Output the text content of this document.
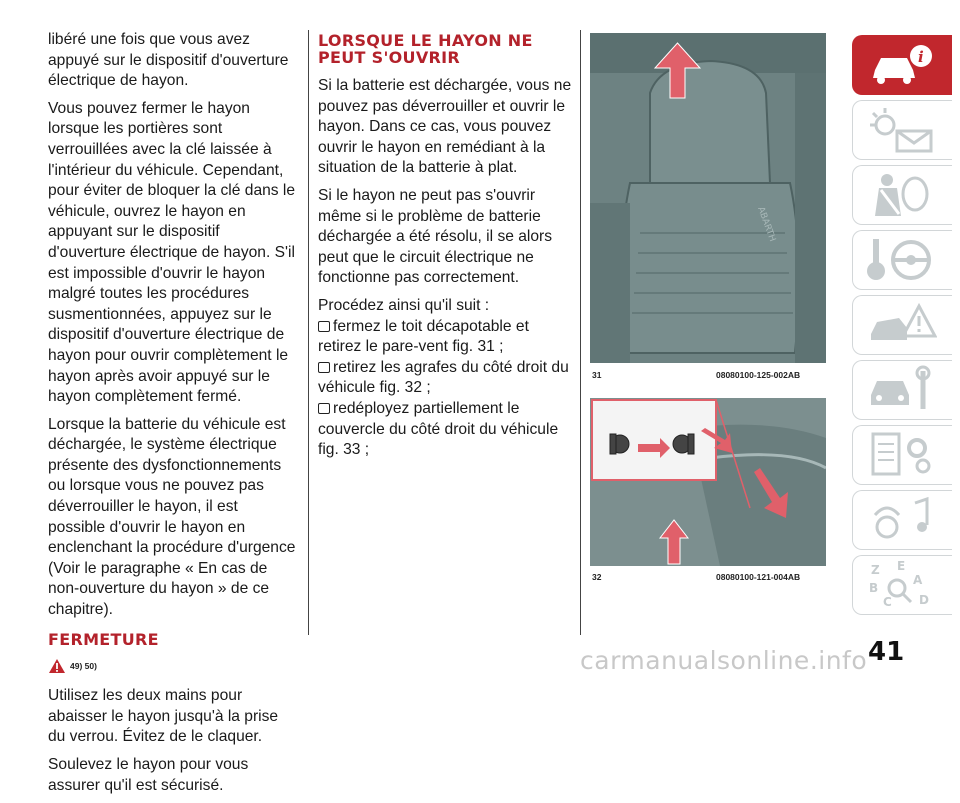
libéré une fois que vous avez appuyé sur le dispositif d'ouverture électrique de hayon.

Vous pouvez fermer le hayon lorsque les portières sont verrouillées avec la clé laissée à l'intérieur du véhicule. Cependant, pour éviter de bloquer la clé dans le véhicule, ouvrez le hayon en appuyant sur le dispositif d'ouverture électrique de hayon. S'il est impossible d'ouvrir le hayon malgré toutes les procédures susmentionnées, appuyez sur le dispositif d'ouverture électrique de hayon pour ouvrir complètement le hayon après avoir appuyé sur le hayon complètement fermé.

Lorsque la batterie du véhicule est déchargée, le système électrique présente des dysfonctionnements ou lorsque vous ne pouvez pas déverrouiller le hayon, il est possible d'ouvrir le hayon en enclenchant la procédure d'urgence (Voir le paragraphe « En cas de non-ouverture du hayon » de ce chapitre).

FERMETURE
49) 50)

Utilisez les deux mains pour abaisser le hayon jusqu'à la prise du verrou. Évitez de le claquer.

Soulevez le hayon pour vous assurer qu'il est sécurisé.

LORSQUE LE HAYON NE PEUT S'OUVRIR

Si la batterie est déchargée, vous ne pouvez pas déverrouiller et ouvrir le hayon. Dans ce cas, vous pouvez ouvrir le hayon en remédiant à la situation de la batterie à plat.

Si le hayon ne peut pas s'ouvrir même si le problème de batterie déchargée a été résolu, il se alors peut que le circuit électrique ne fonctionne pas correctement.

Procédez ainsi qu'il suit :

fermez le toit décapotable et retirez le pare-vent fig. 31 ;
retirez les agrafes du côté droit du véhicule fig. 32 ;
redéployez partiellement le couvercle du côté droit du véhicule fig. 33 ;
ABARTH
31	08080100-125-002AB
32	08080100-121-004AB
i
Z E
A
B
C D
41
carmanualsonline.info
